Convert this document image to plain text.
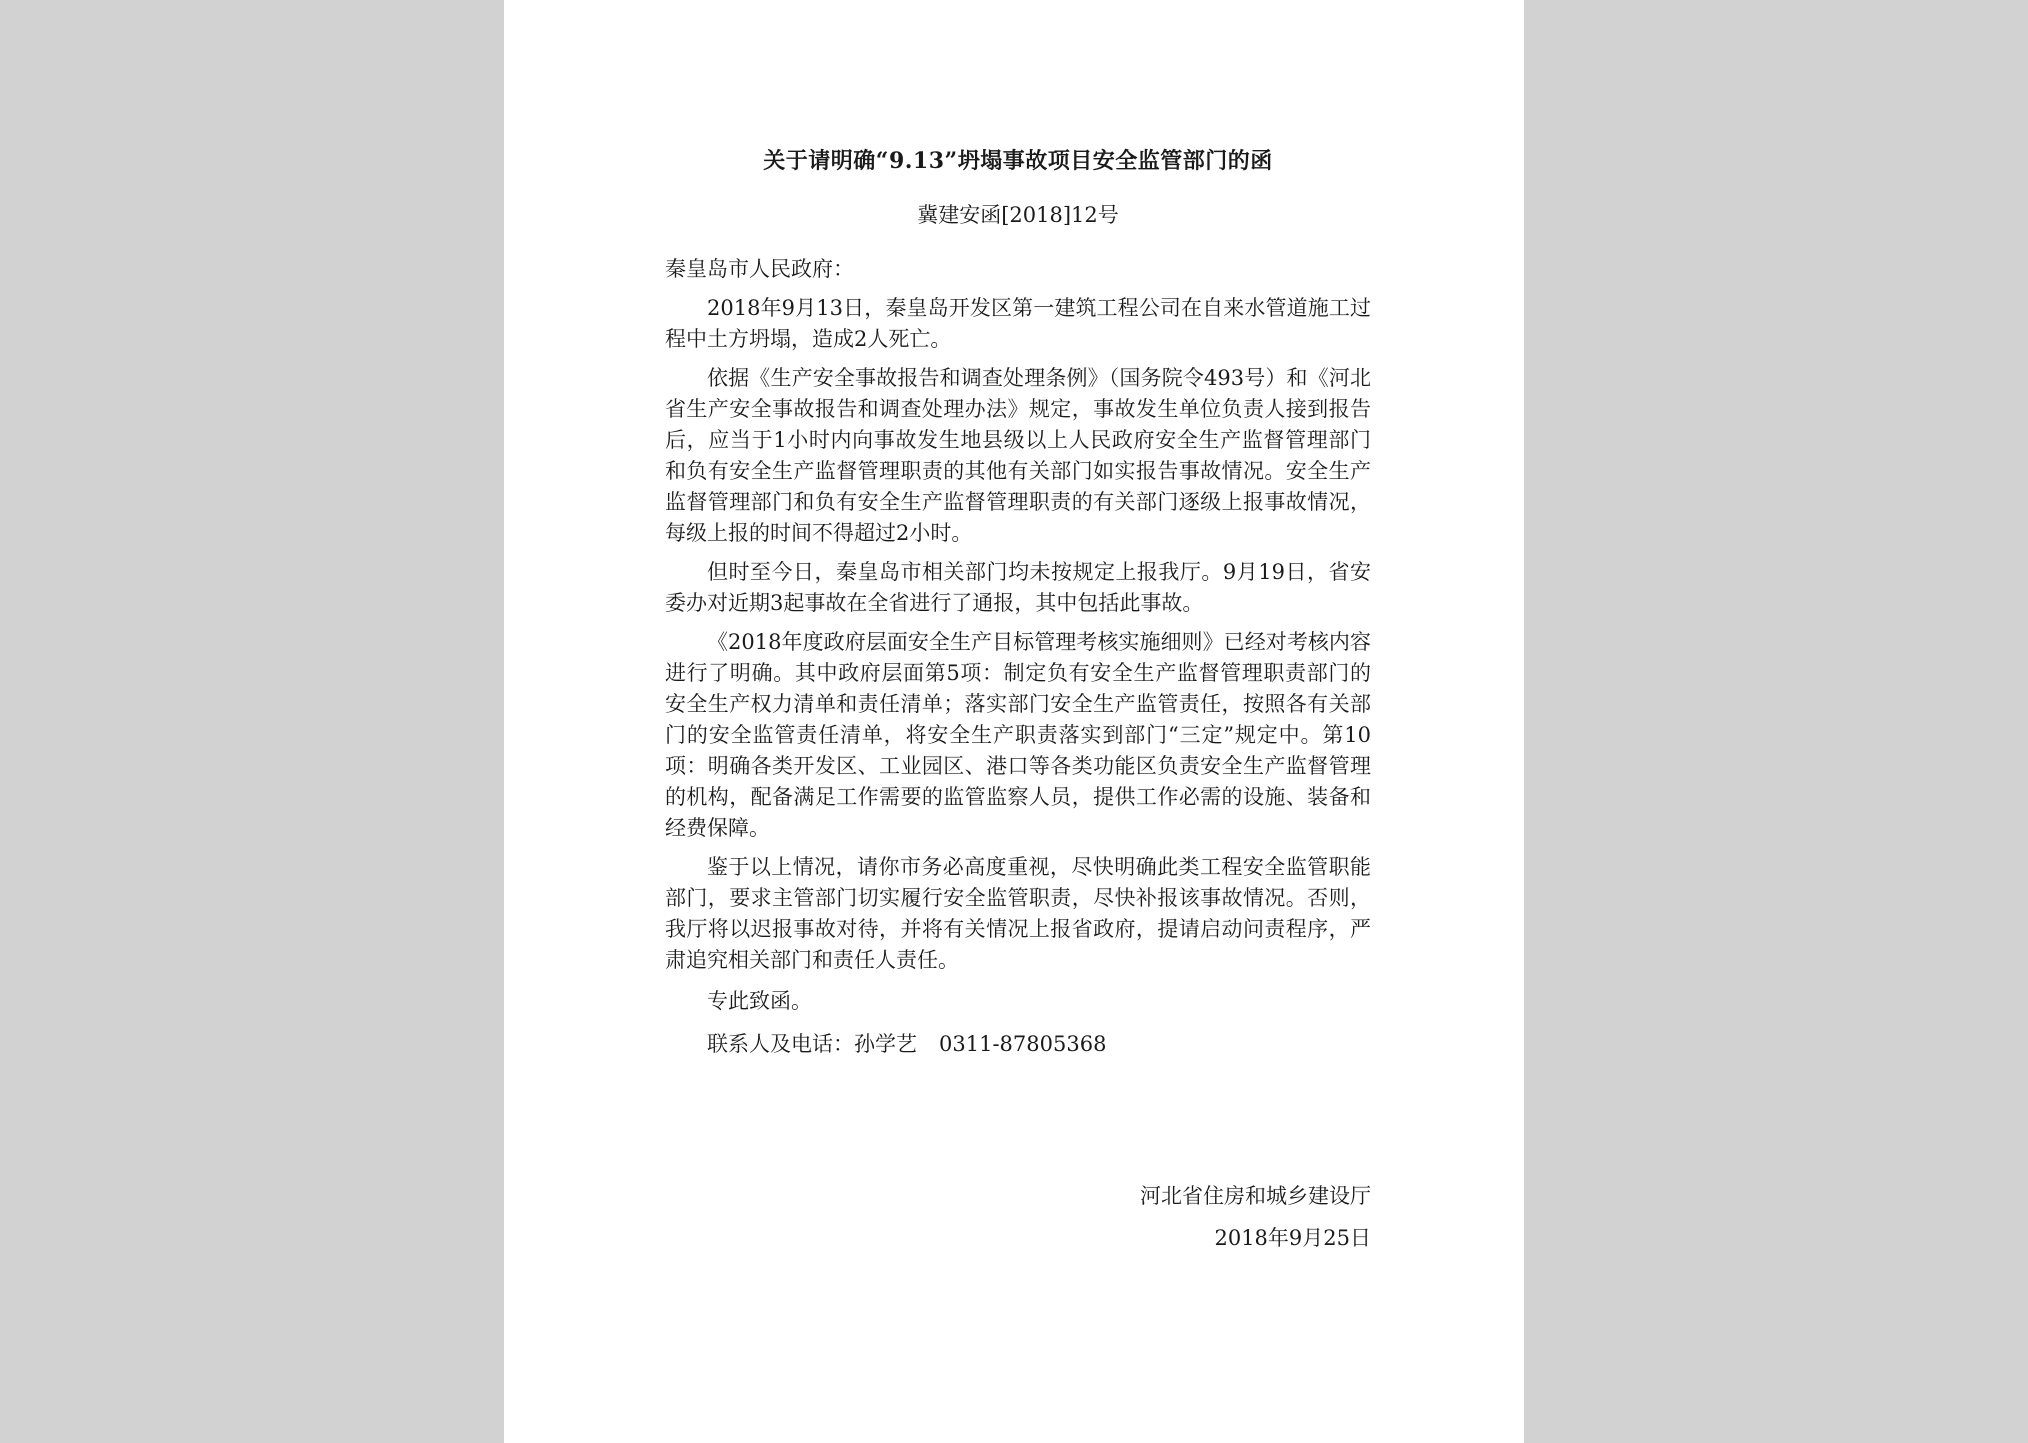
关于请明确“9.13”坍塌事故项目安全监管部门的函

冀建安函[2018]12号

秦皇岛市人民政府：

2018年9月13日，秦皇岛开发区第一建筑工程公司在自来水管道施工过程中土方坍塌，造成2人死亡。

依据《生产安全事故报告和调查处理条例》（国务院令493号）和《河北省生产安全事故报告和调查处理办法》规定，事故发生单位负责人接到报告后，应当于1小时内向事故发生地县级以上人民政府安全生产监督管理部门和负有安全生产监督管理职责的其他有关部门如实报告事故情况。安全生产监督管理部门和负有安全生产监督管理职责的有关部门逐级上报事故情况，每级上报的时间不得超过2小时。

但时至今日，秦皇岛市相关部门均未按规定上报我厅。9月19日，省安委办对近期3起事故在全省进行了通报，其中包括此事故。

《2018年度政府层面安全生产目标管理考核实施细则》已经对考核内容进行了明确。其中政府层面第5项：制定负有安全生产监督管理职责部门的安全生产权力清单和责任清单；落实部门安全生产监管责任，按照各有关部门的安全监管责任清单，将安全生产职责落实到部门“三定”规定中。第10项：明确各类开发区、工业园区、港口等各类功能区负责安全生产监督管理的机构，配备满足工作需要的监管监察人员，提供工作必需的设施、装备和经费保障。

鉴于以上情况，请你市务必高度重视，尽快明确此类工程安全监管职能部门，要求主管部门切实履行安全监管职责，尽快补报该事故情况。否则，我厅将以迟报事故对待，并将有关情况上报省政府，提请启动问责程序，严肃追究相关部门和责任人责任。

专此致函。

联系人及电话：孙学艺 0311-87805368

河北省住房和城乡建设厅
2018年9月25日
